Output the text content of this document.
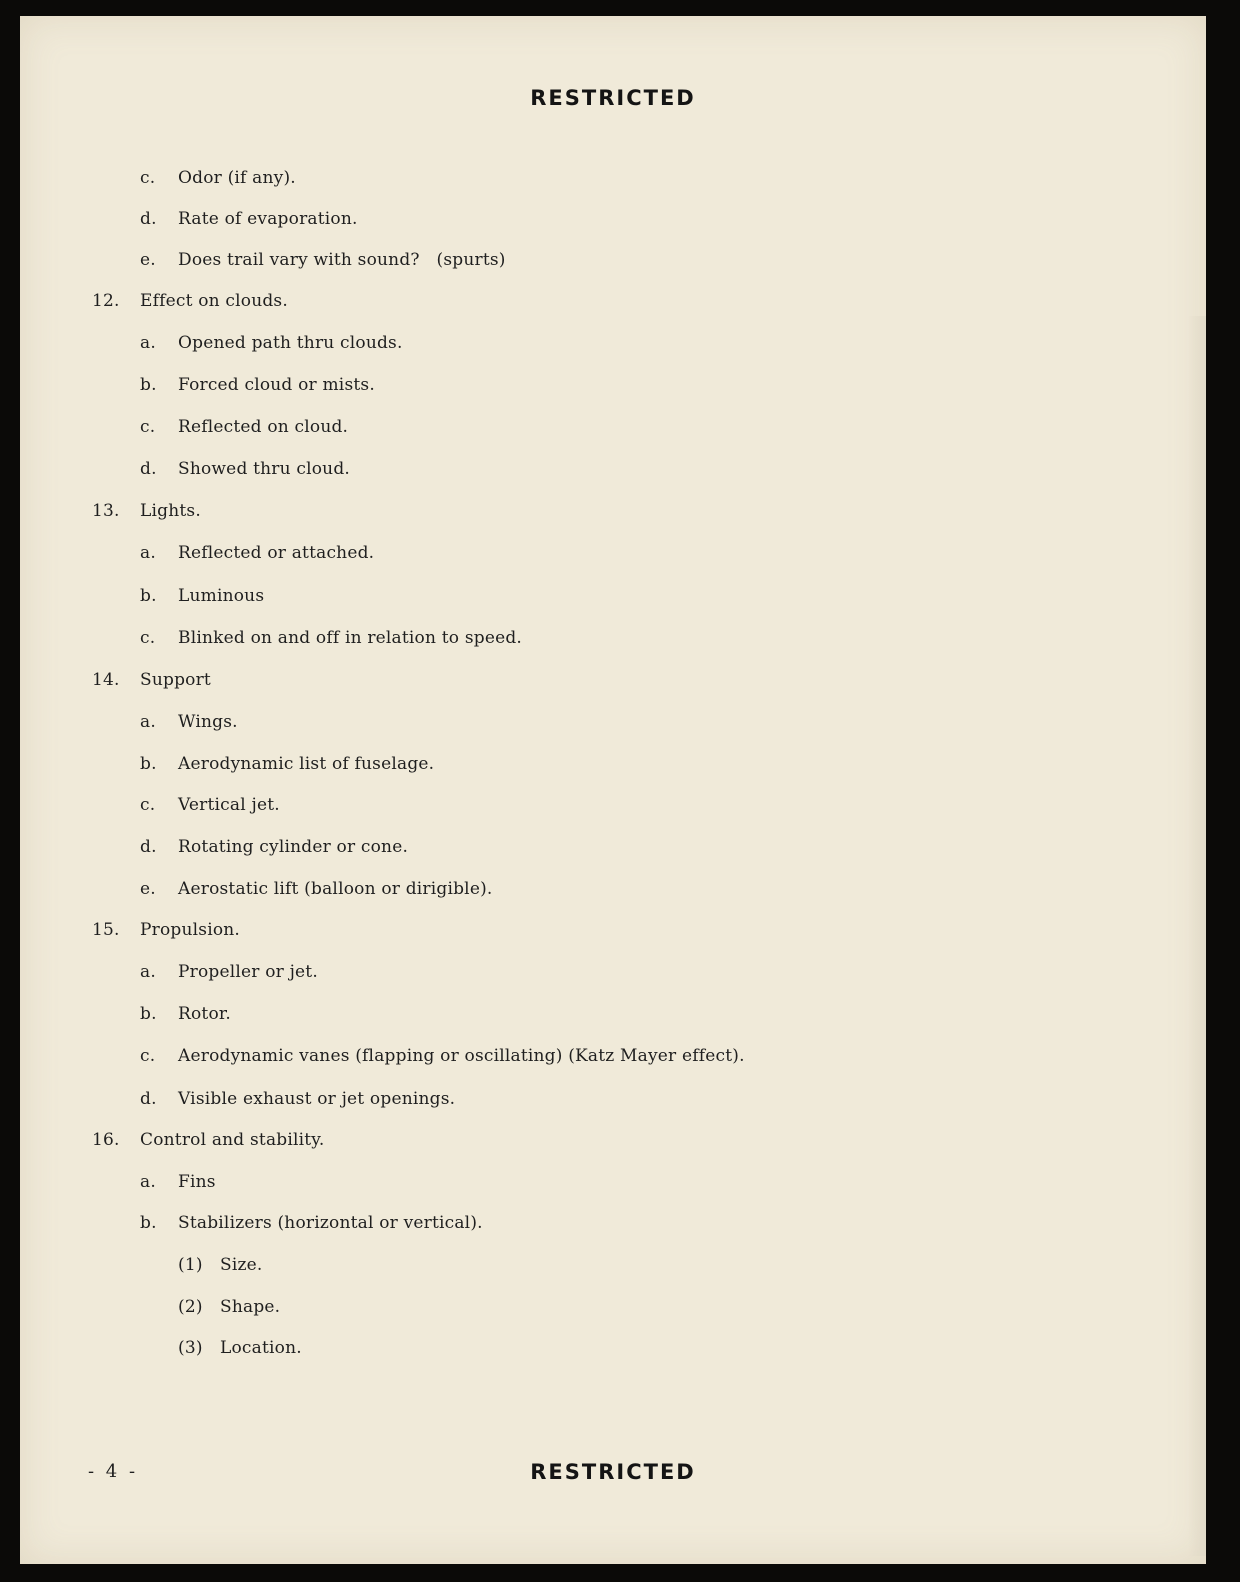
RESTRICTED
c. Odor (if any).
d. Rate of evaporation.
e. Does trail vary with sound?   (spurts)
12. Effect on clouds.
a. Opened path thru clouds.
b. Forced cloud or mists.
c. Reflected on cloud.
d. Showed thru cloud.
13. Lights.
a. Reflected or attached.
b. Luminous
c. Blinked on and off in relation to speed.
14. Support
a. Wings.
b. Aerodynamic list of fuselage.
c. Vertical jet.
d. Rotating cylinder or cone.
e. Aerostatic lift (balloon or dirigible).
15. Propulsion.
a. Propeller or jet.
b. Rotor.
c. Aerodynamic vanes (flapping or oscillating) (Katz Mayer effect).
d. Visible exhaust or jet openings.
16. Control and stability.
a. Fins
b. Stabilizers (horizontal or vertical).
(1) Size.
(2) Shape.
(3) Location.
- 4 -	RESTRICTED
